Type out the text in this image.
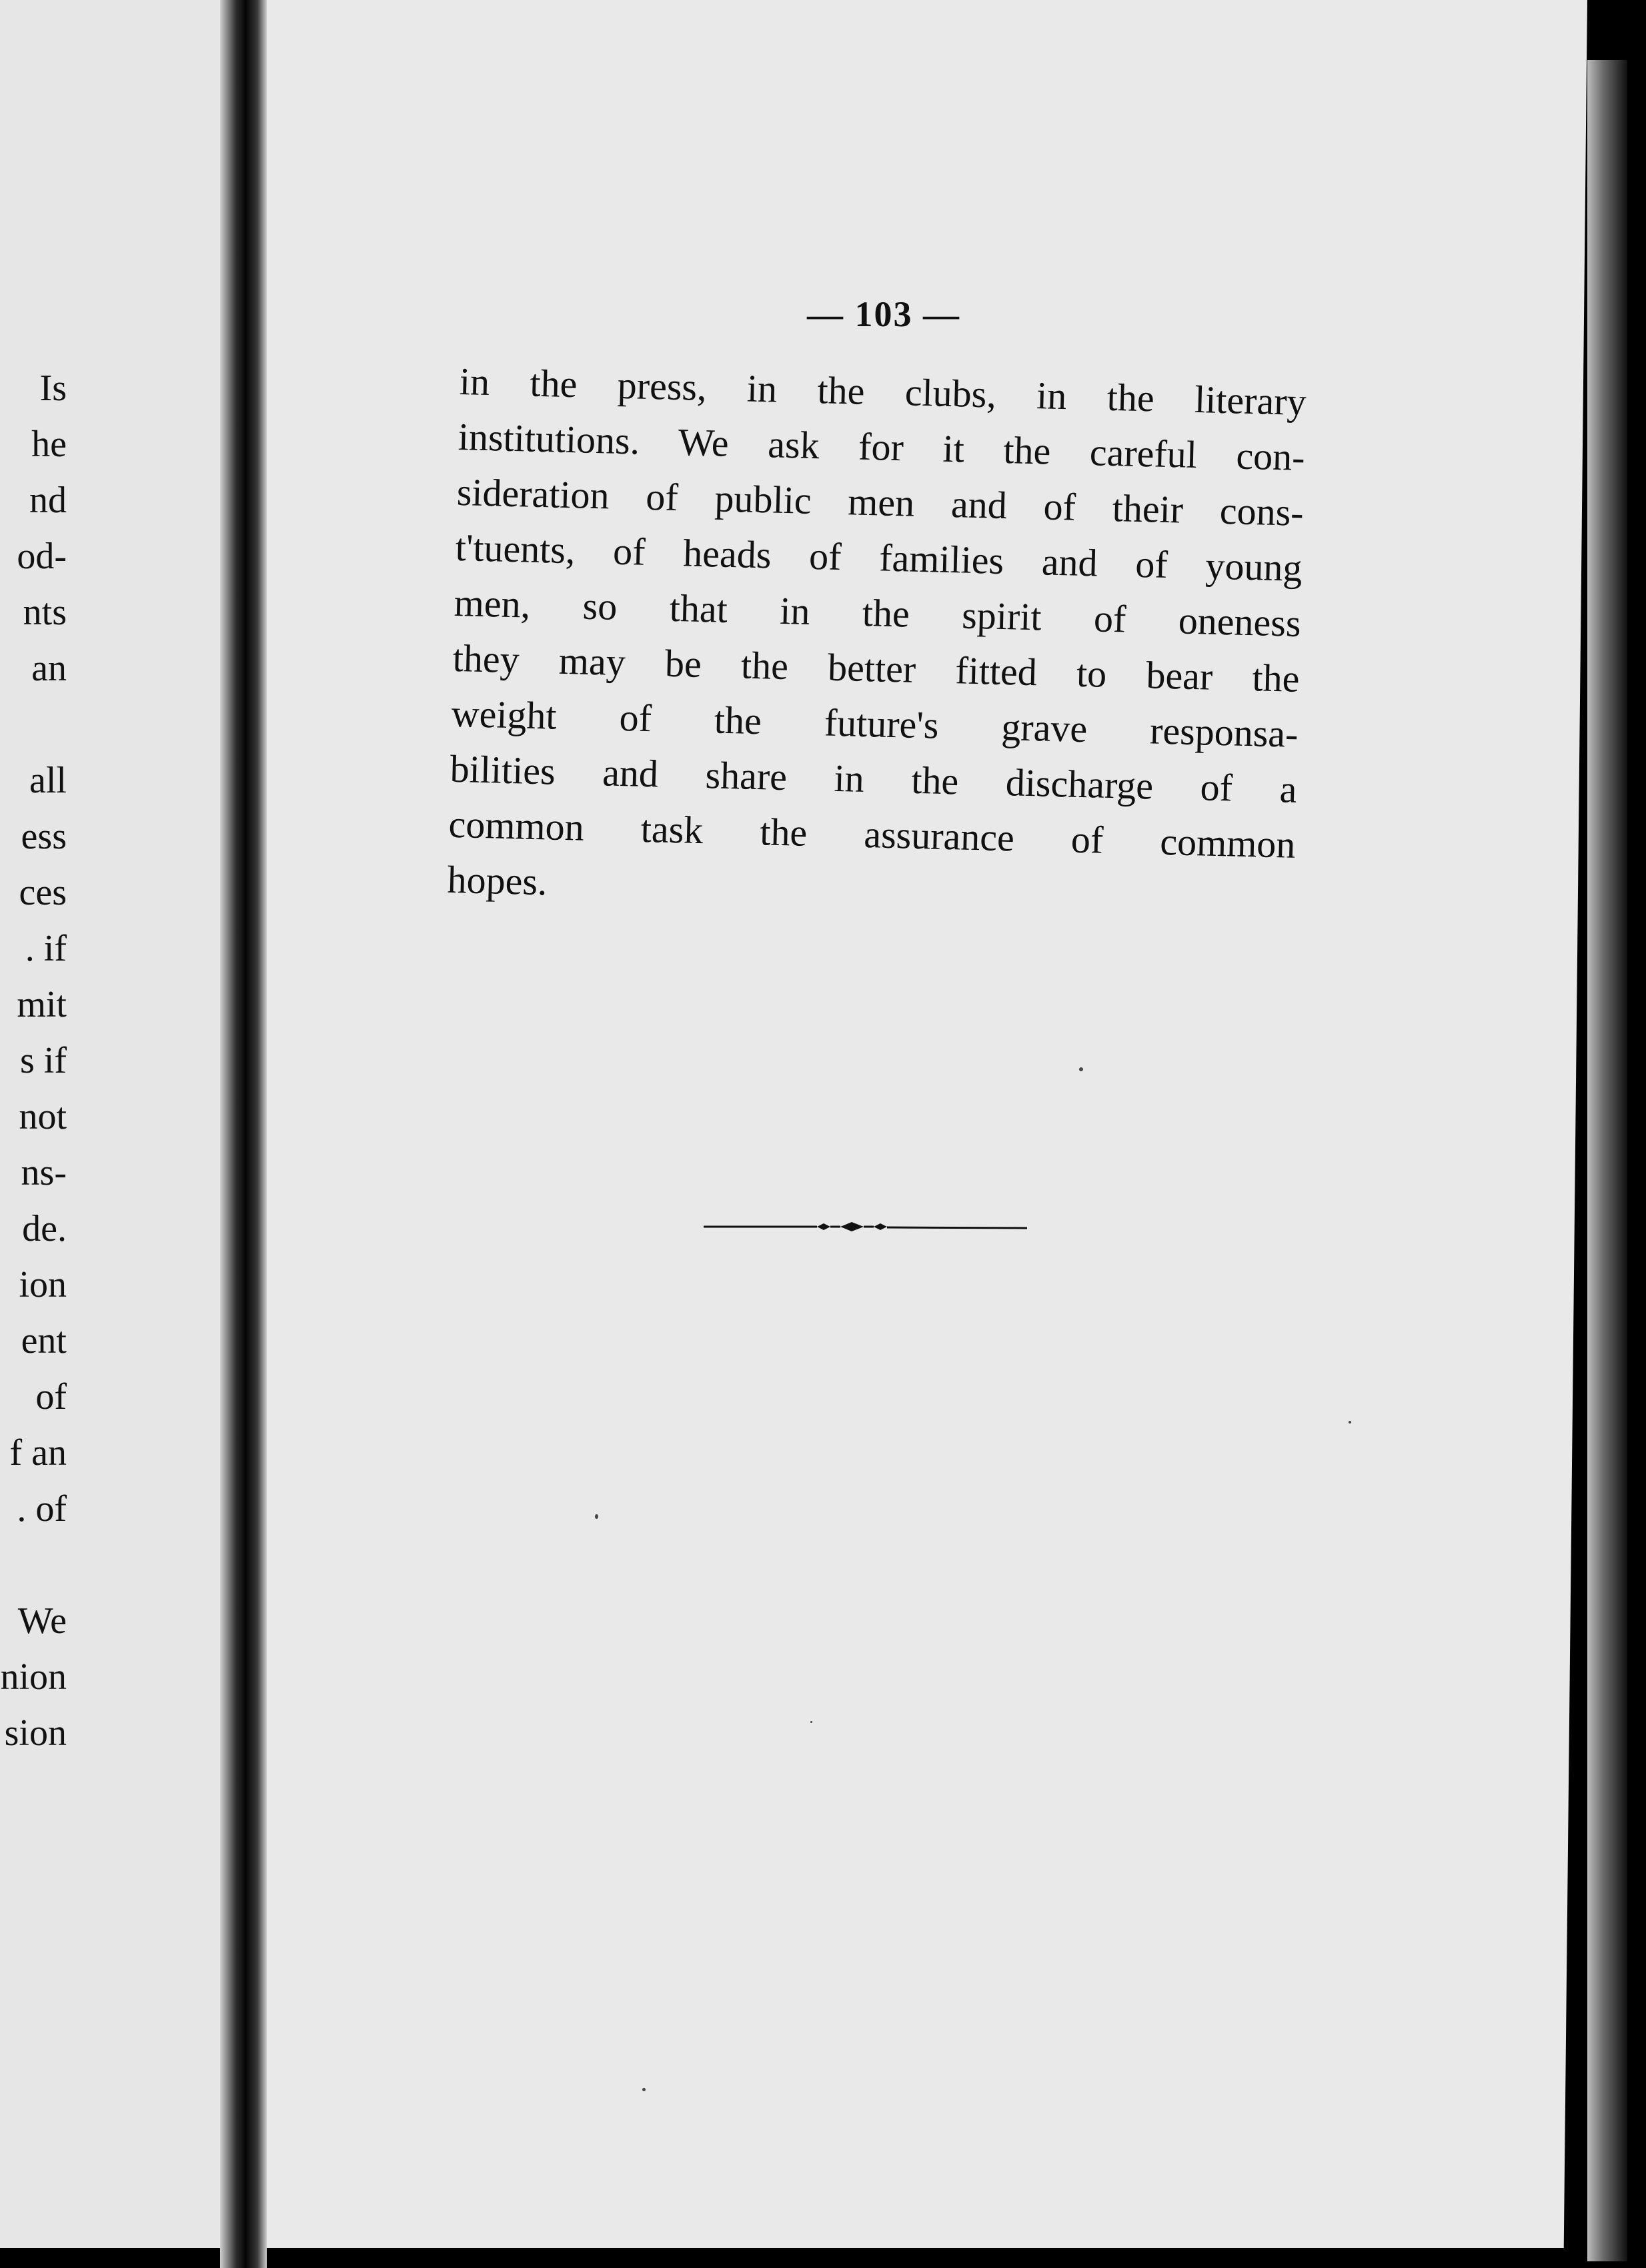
Is
he
nd
od-
nts
an
all
ess
ces
. if
mit
s if
not
ns-
de.
ion
ent
of
f an
. of
We
nion
sion
— 103 —
in the press, in the clubs, in the literary
institutions. We ask for it the careful con-
sideration of public men and of their cons-
t'tuents, of heads of families and of young
men, so that in the spirit of oneness
they may be the better fitted to bear the
weight of the future's grave responsa-
bilities and share in the discharge of a
common task the assurance of common
hopes.
